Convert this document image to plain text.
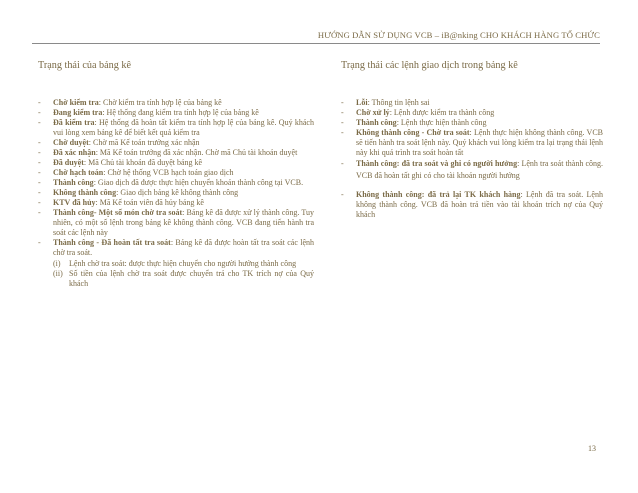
HƯỚNG DẪN SỬ DỤNG VCB – iB@nking CHO KHÁCH HÀNG TỔ CHỨC
Trạng thái của bảng kê
- Chờ kiểm tra: Chờ kiểm tra tính hợp lệ của bảng kê
- Đang kiểm tra: Hệ thống đang kiểm tra tính hợp lệ của bảng kê
- Đã kiểm tra: Hệ thống đã hoàn tất kiểm tra tính hợp lệ của bảng kê. Quý khách vui lòng xem bảng kê để biết kết quả kiểm tra
- Chờ duyệt: Chờ mã Kế toán trưởng xác nhận
- Đã xác nhận: Mã Kế toán trưởng đã xác nhận. Chờ mã Chủ tài khoản duyệt
- Đã duyệt: Mã Chủ tài khoản đã duyệt bảng kê
- Chờ hạch toán: Chờ hệ thống VCB hạch toán giao dịch
- Thành công: Giao dịch đã được thực hiện chuyển khoản thành công tại VCB.
- Không thành công: Giao dịch bảng kê không thành công
- KTV đã hủy: Mã Kế toán viên đã hủy bảng kê
- Thành công- Một số món chờ tra soát: Bảng kê đã được xử lý thành công. Tuy nhiên, có một số lệnh trong bảng kê không thành công. VCB đang tiến hành tra soát các lệnh này
- Thành công - Đã hoàn tất tra soát: Bảng kê đã được hoàn tất tra soát các lệnh chờ tra soát.
(i) Lệnh chờ tra soát: được thực hiện chuyển cho người hưởng thành công
(ii) Số tiền của lệnh chờ tra soát được chuyển trả cho TK trích nợ của Quý khách
Trạng thái các lệnh giao dịch trong bảng kê
- Lỗi: Thông tin lệnh sai
- Chờ xử lý: Lệnh được kiểm tra thành công
- Thành công: Lệnh thực hiện thành công
- Không thành công - Chờ tra soát: Lệnh thực hiện không thành công. VCB sẽ tiến hành tra soát lệnh này. Quý khách vui lòng kiểm tra lại trạng thái lệnh này khi quá trình tra soát hoàn tất
- Thành công: đã tra soát và ghi có người hưởng: Lệnh tra soát thành công. VCB đã hoàn tất ghi có cho tài khoản người hưởng
- Không thành công: đã trả lại TK khách hàng: Lệnh đã tra soát. Lệnh không thành công. VCB đã hoàn trả tiền vào tài khoản trích nợ của Quý khách
13
